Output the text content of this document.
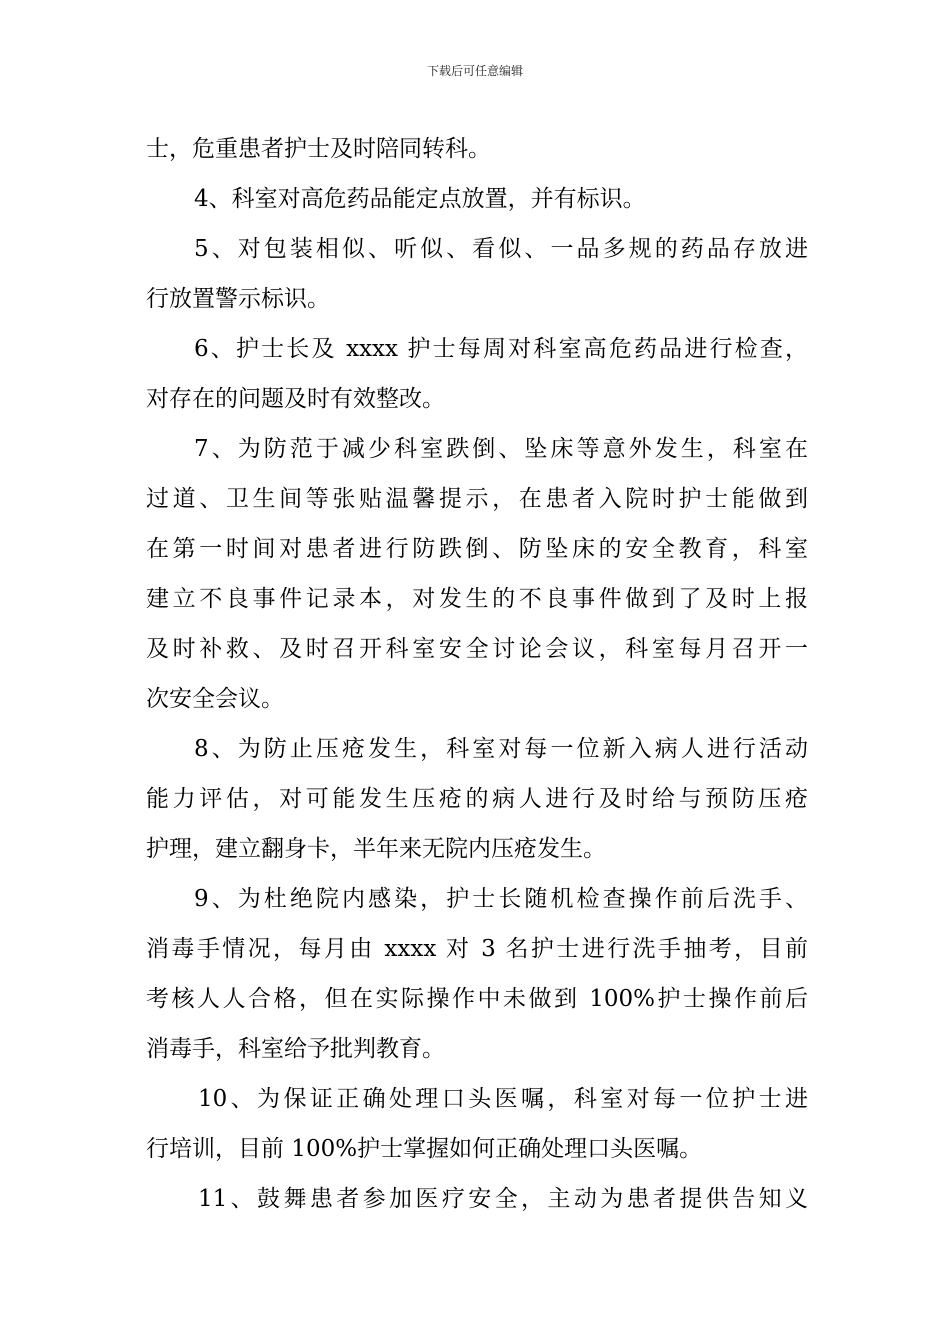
下载后可任意编辑
士，危重患者护士及时陪同转科。
4、科室对高危药品能定点放置，并有标识。
5、对包装相似、听似、看似、一品多规的药品存放进
行放置警示标识。
6、护士长及 xxxx 护士每周对科室高危药品进行检查，
对存在的问题及时有效整改。
7、为防范于减少科室跌倒、坠床等意外发生，科室在
过道、卫生间等张贴温馨提示，在患者入院时护士能做到
在第一时间对患者进行防跌倒、防坠床的安全教育，科室
建立不良事件记录本，对发生的不良事件做到了及时上报
及时补救、及时召开科室安全讨论会议，科室每月召开一
次安全会议。
8、为防止压疮发生，科室对每一位新入病人进行活动
能力评估，对可能发生压疮的病人进行及时给与预防压疮
护理，建立翻身卡，半年来无院内压疮发生。
9、为杜绝院内感染，护士长随机检查操作前后洗手、
消毒手情况，每月由 xxxx 对 3 名护士进行洗手抽考，目前
考核人人合格，但在实际操作中未做到 100%护士操作前后
消毒手，科室给予批判教育。
10、为保证正确处理口头医嘱，科室对每一位护士进
行培训，目前 100%护士掌握如何正确处理口头医嘱。
11、鼓舞患者参加医疗安全，主动为患者提供告知义
